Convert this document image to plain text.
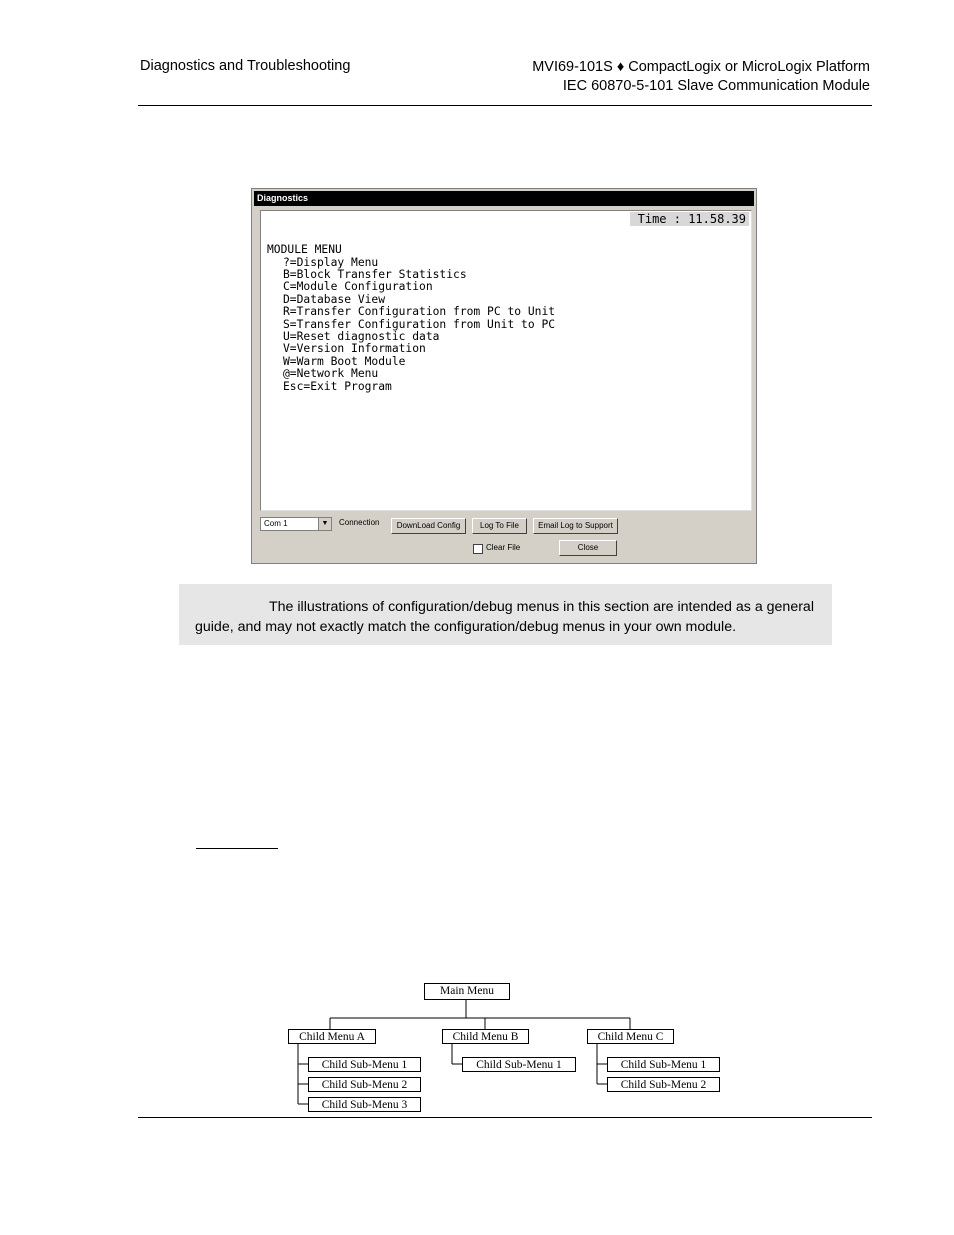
Diagnostics and Troubleshooting	MVI69-101S ♦ CompactLogix or MicroLogix Platform
IEC 60870-5-101 Slave Communication Module
Diagnostics
Time : 11.58.39
MODULE MENU
?=Display Menu
B=Block Transfer Statistics
C=Module Configuration
D=Database View
R=Transfer Configuration from PC to Unit
S=Transfer Configuration from Unit to PC
U=Reset diagnostic data
V=Version Information
W=Warm Boot Module
@=Network Menu
Esc=Exit Program
Com 1	▼	Connection	DownLoad Config	Log To File	Email Log to Support
Clear File	Close

The illustrations of configuration/debug menus in this section are intended as a general guide, and may not exactly match the configuration/debug menus in your own module.

Main Menu
Child Menu A	Child Menu B	Child Menu C
Child Sub-Menu 1
Child Sub-Menu 2
Child Sub-Menu 3
Child Sub-Menu 1	Child Sub-Menu 1
Child Sub-Menu 2
